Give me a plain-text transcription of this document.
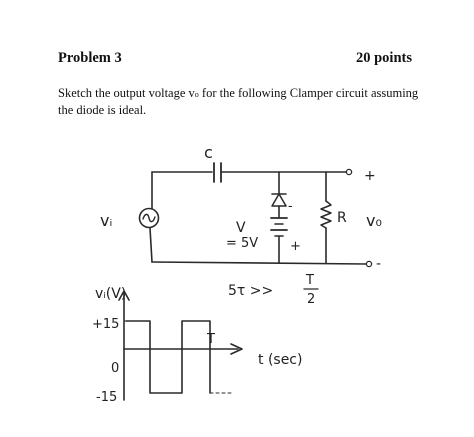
Problem 3	20 points
Sketch the output voltage vo for the following Clamper circuit assuming the diode is ideal.
c
+
vᵢ
-
-
+
V
= 5V
R v₀
5τ >>
T
2
vᵢ(V)
t (sec)
+15
0
-15
T
